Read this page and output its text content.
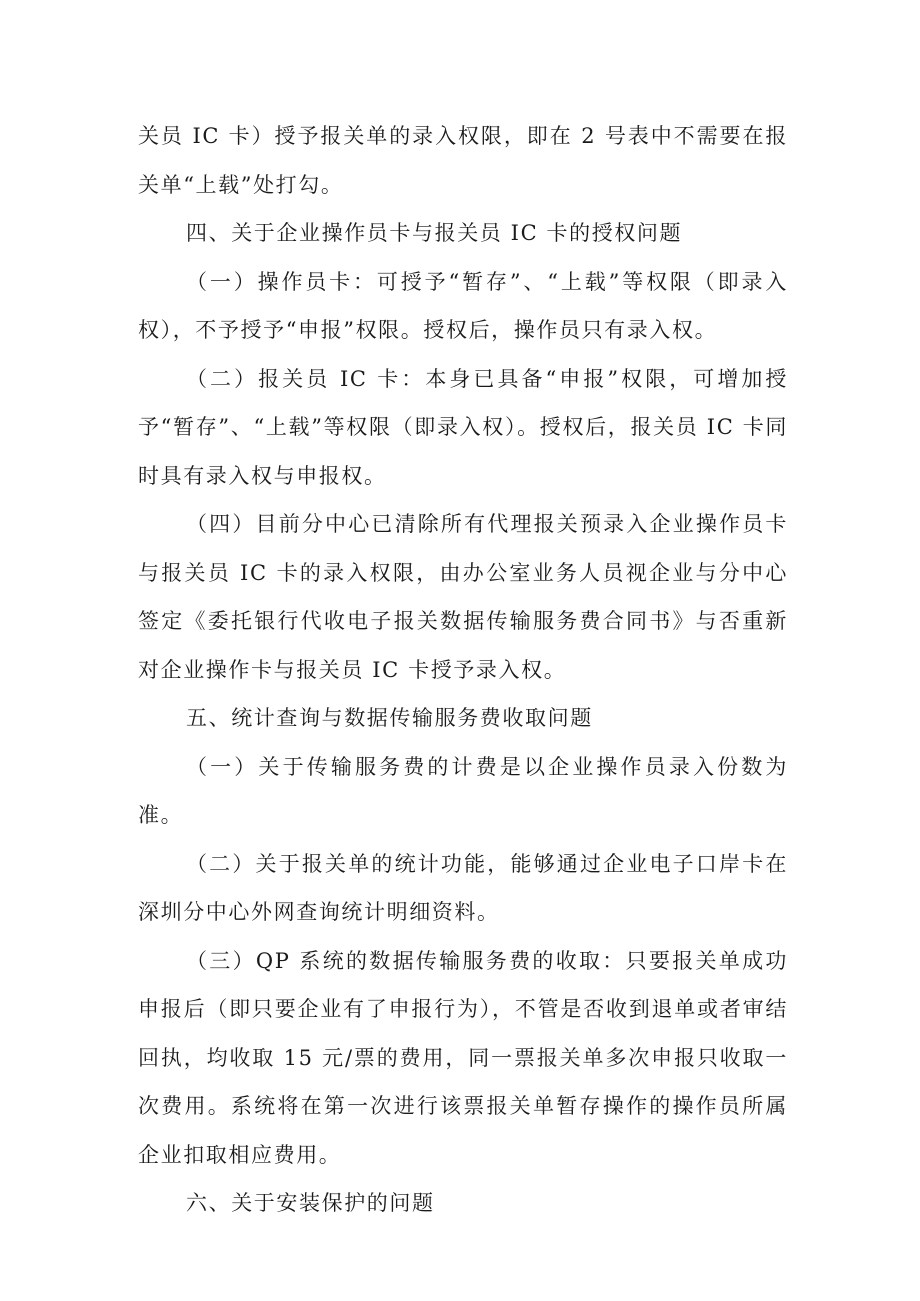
关员 IC 卡）授予报关单的录入权限，即在 2 号表中不需要在报关单“上载”处打勾。

四、关于企业操作员卡与报关员 IC 卡的授权问题

（一）操作员卡：可授予“暂存”、“上载”等权限（即录入权），不予授予“申报”权限。授权后，操作员只有录入权。

（二）报关员 IC 卡：本身已具备“申报”权限，可增加授予“暂存”、“上载”等权限（即录入权）。授权后，报关员 IC 卡同时具有录入权与申报权。

（四）目前分中心已清除所有代理报关预录入企业操作员卡与报关员 IC 卡的录入权限，由办公室业务人员视企业与分中心签定《委托银行代收电子报关数据传输服务费合同书》与否重新对企业操作卡与报关员 IC 卡授予录入权。

五、统计查询与数据传输服务费收取问题

（一）关于传输服务费的计费是以企业操作员录入份数为准。

（二）关于报关单的统计功能，能够通过企业电子口岸卡在深圳分中心外网查询统计明细资料。

（三）QP 系统的数据传输服务费的收取：只要报关单成功申报后（即只要企业有了申报行为），不管是否收到退单或者审结回执，均收取 15 元/票的费用，同一票报关单多次申报只收取一次费用。系统将在第一次进行该票报关单暂存操作的操作员所属企业扣取相应费用。

六、关于安装保护的问题
